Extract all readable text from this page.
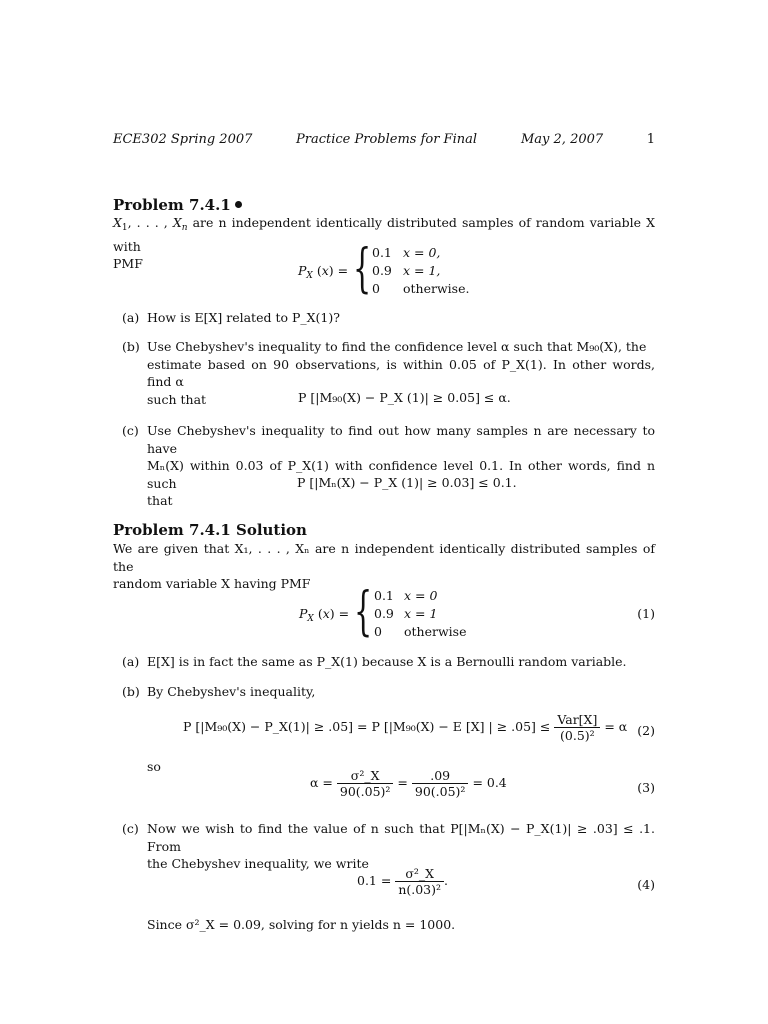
ECE302 Spring 2007	Practice Problems for Final	May 2, 2007	1
Problem 7.4.1
$X_1$, . . . , $X_n$ are n independent identically distributed samples of random variable X with
PMF	$P_X$ (x) = { 0.1 x = 0,
0.9 x = 1,
0 otherwise.
(a) How is E[X] related to P_X(1)?
(b) Use Chebyshev's inequality to find the confidence level α such that M₉₀(X), the
estimate based on 90 observations, is within 0.05 of P_X(1). In other words, find α
such that	P [|M₉₀(X) − P_X (1)| ≥ 0.05] ≤ α.
(c) Use Chebyshev's inequality to find out how many samples n are necessary to have
Mₙ(X) within 0.03 of P_X(1) with confidence level 0.1. In other words, find n such
that
P [|Mₙ(X) − P_X (1)| ≥ 0.03] ≤ 0.1.
Problem 7.4.1 Solution
We are given that X₁, . . . , Xₙ are n independent identically distributed samples of the
random variable X having PMF
$P_X$ (x) = { 0.1 x = 0
0.9 x = 1
0 otherwise
(1)
(a) E[X] is in fact the same as P_X(1) because X is a Bernoulli random variable.
(b) By Chebyshev's inequality,
P [|M₉₀(X) − P_X(1)| ≥ .05] = P [|M₉₀(X) − E [X] | ≥ $.05] \le \frac{\text{Var[X]}}{\text{(0.5)²}} = \alpha$ (2)
so
$\alpha = \frac{\text{σ²\_X}}{\text{90(.05)²}} = \frac{.09}{\text{90(.05)²}} = 0.4$	(3)
(c) Now we wish to find the value of n such that P[|Mₙ(X) − P_X(1)| ≥ .03] ≤ .1. From
the Chebyshev inequality, we write
$0.1 = \frac{\text{σ²\_X}}{\text{n(.03)²}}$ .	(4)
Since σ²_X = 0.09, solving for n yields n = 1000.
